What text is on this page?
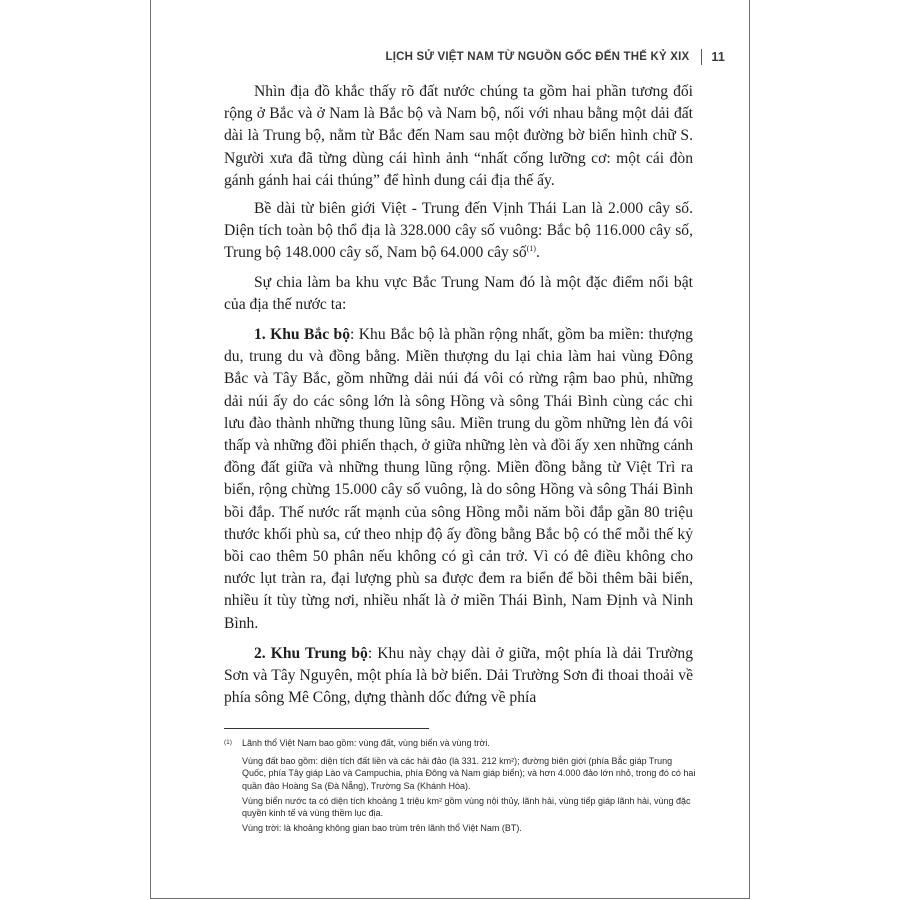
LỊCH SỬ VIỆT NAM TỪ NGUỒN GỐC ĐẾN THẾ KỶ XIX 11

Nhìn địa đồ khắc thấy rõ đất nước chúng ta gồm hai phần tương đối rộng ở Bắc và ở Nam là Bắc bộ và Nam bộ, nối với nhau bằng một dải đất dài là Trung bộ, nằm từ Bắc đến Nam sau một đường bờ biển hình chữ S. Người xưa đã từng dùng cái hình ảnh “nhất cống lưỡng cơ: một cái đòn gánh gánh hai cái thúng” để hình dung cái địa thế ấy.

Bề dài từ biên giới Việt - Trung đến Vịnh Thái Lan là 2.000 cây số. Diện tích toàn bộ thổ địa là 328.000 cây số vuông: Bắc bộ 116.000 cây số, Trung bộ 148.000 cây số, Nam bộ 64.000 cây số$^{(1)}$.

Sự chia làm ba khu vực Bắc Trung Nam đó là một đặc điểm nổi bật của địa thế nước ta:

1. Khu Bắc bộ: Khu Bắc bộ là phần rộng nhất, gồm ba miền: thượng du, trung du và đồng bằng. Miền thượng du lại chia làm hai vùng Đông Bắc và Tây Bắc, gồm những dải núi đá vôi có rừng rậm bao phủ, những dải núi ấy do các sông lớn là sông Hồng và sông Thái Bình cùng các chi lưu đào thành những thung lũng sâu. Miền trung du gồm những lèn đá vôi thấp và những đồi phiến thạch, ở giữa những lèn và đồi ấy xen những cánh đồng đất giữa và những thung lũng rộng. Miền đồng bằng từ Việt Trì ra biển, rộng chừng 15.000 cây số vuông, là do sông Hồng và sông Thái Bình bồi đắp. Thế nước rất mạnh của sông Hồng mỗi năm bồi đắp gần 80 triệu thước khối phù sa, cứ theo nhịp độ ấy đồng bằng Bắc bộ có thể mỗi thế kỷ bồi cao thêm 50 phân nếu không có gì cản trở. Vì có đê điều không cho nước lụt tràn ra, đại lượng phù sa được đem ra biển để bồi thêm bãi biển, nhiều ít tùy từng nơi, nhiều nhất là ở miền Thái Bình, Nam Định và Ninh Bình.

2. Khu Trung bộ: Khu này chạy dài ở giữa, một phía là dải Trường Sơn và Tây Nguyên, một phía là bờ biển. Dải Trường Sơn đi thoai thoải về phía sông Mê Công, dựng thành dốc đứng về phía

(1)	Lãnh thổ Việt Nam bao gồm: vùng đất, vùng biển và vùng trời.
Vùng đất bao gồm: diện tích đất liền và các hải đảo (là 331. 212 km²); đường biên giới (phía Bắc giáp Trung Quốc, phía Tây giáp Lào và Campuchia, phía Đông và Nam giáp biển); và hơn 4.000 đảo lớn nhỏ, trong đó có hai quần đảo Hoàng Sa (Đà Nẵng), Trường Sa (Khánh Hòa).
Vùng biển nước ta có diện tích khoảng 1 triệu km² gồm vùng nội thủy, lãnh hải, vùng tiếp giáp lãnh hải, vùng đặc quyền kinh tế và vùng thềm lục địa.
Vùng trời: là khoảng không gian bao trùm trên lãnh thổ Việt Nam (BT).
